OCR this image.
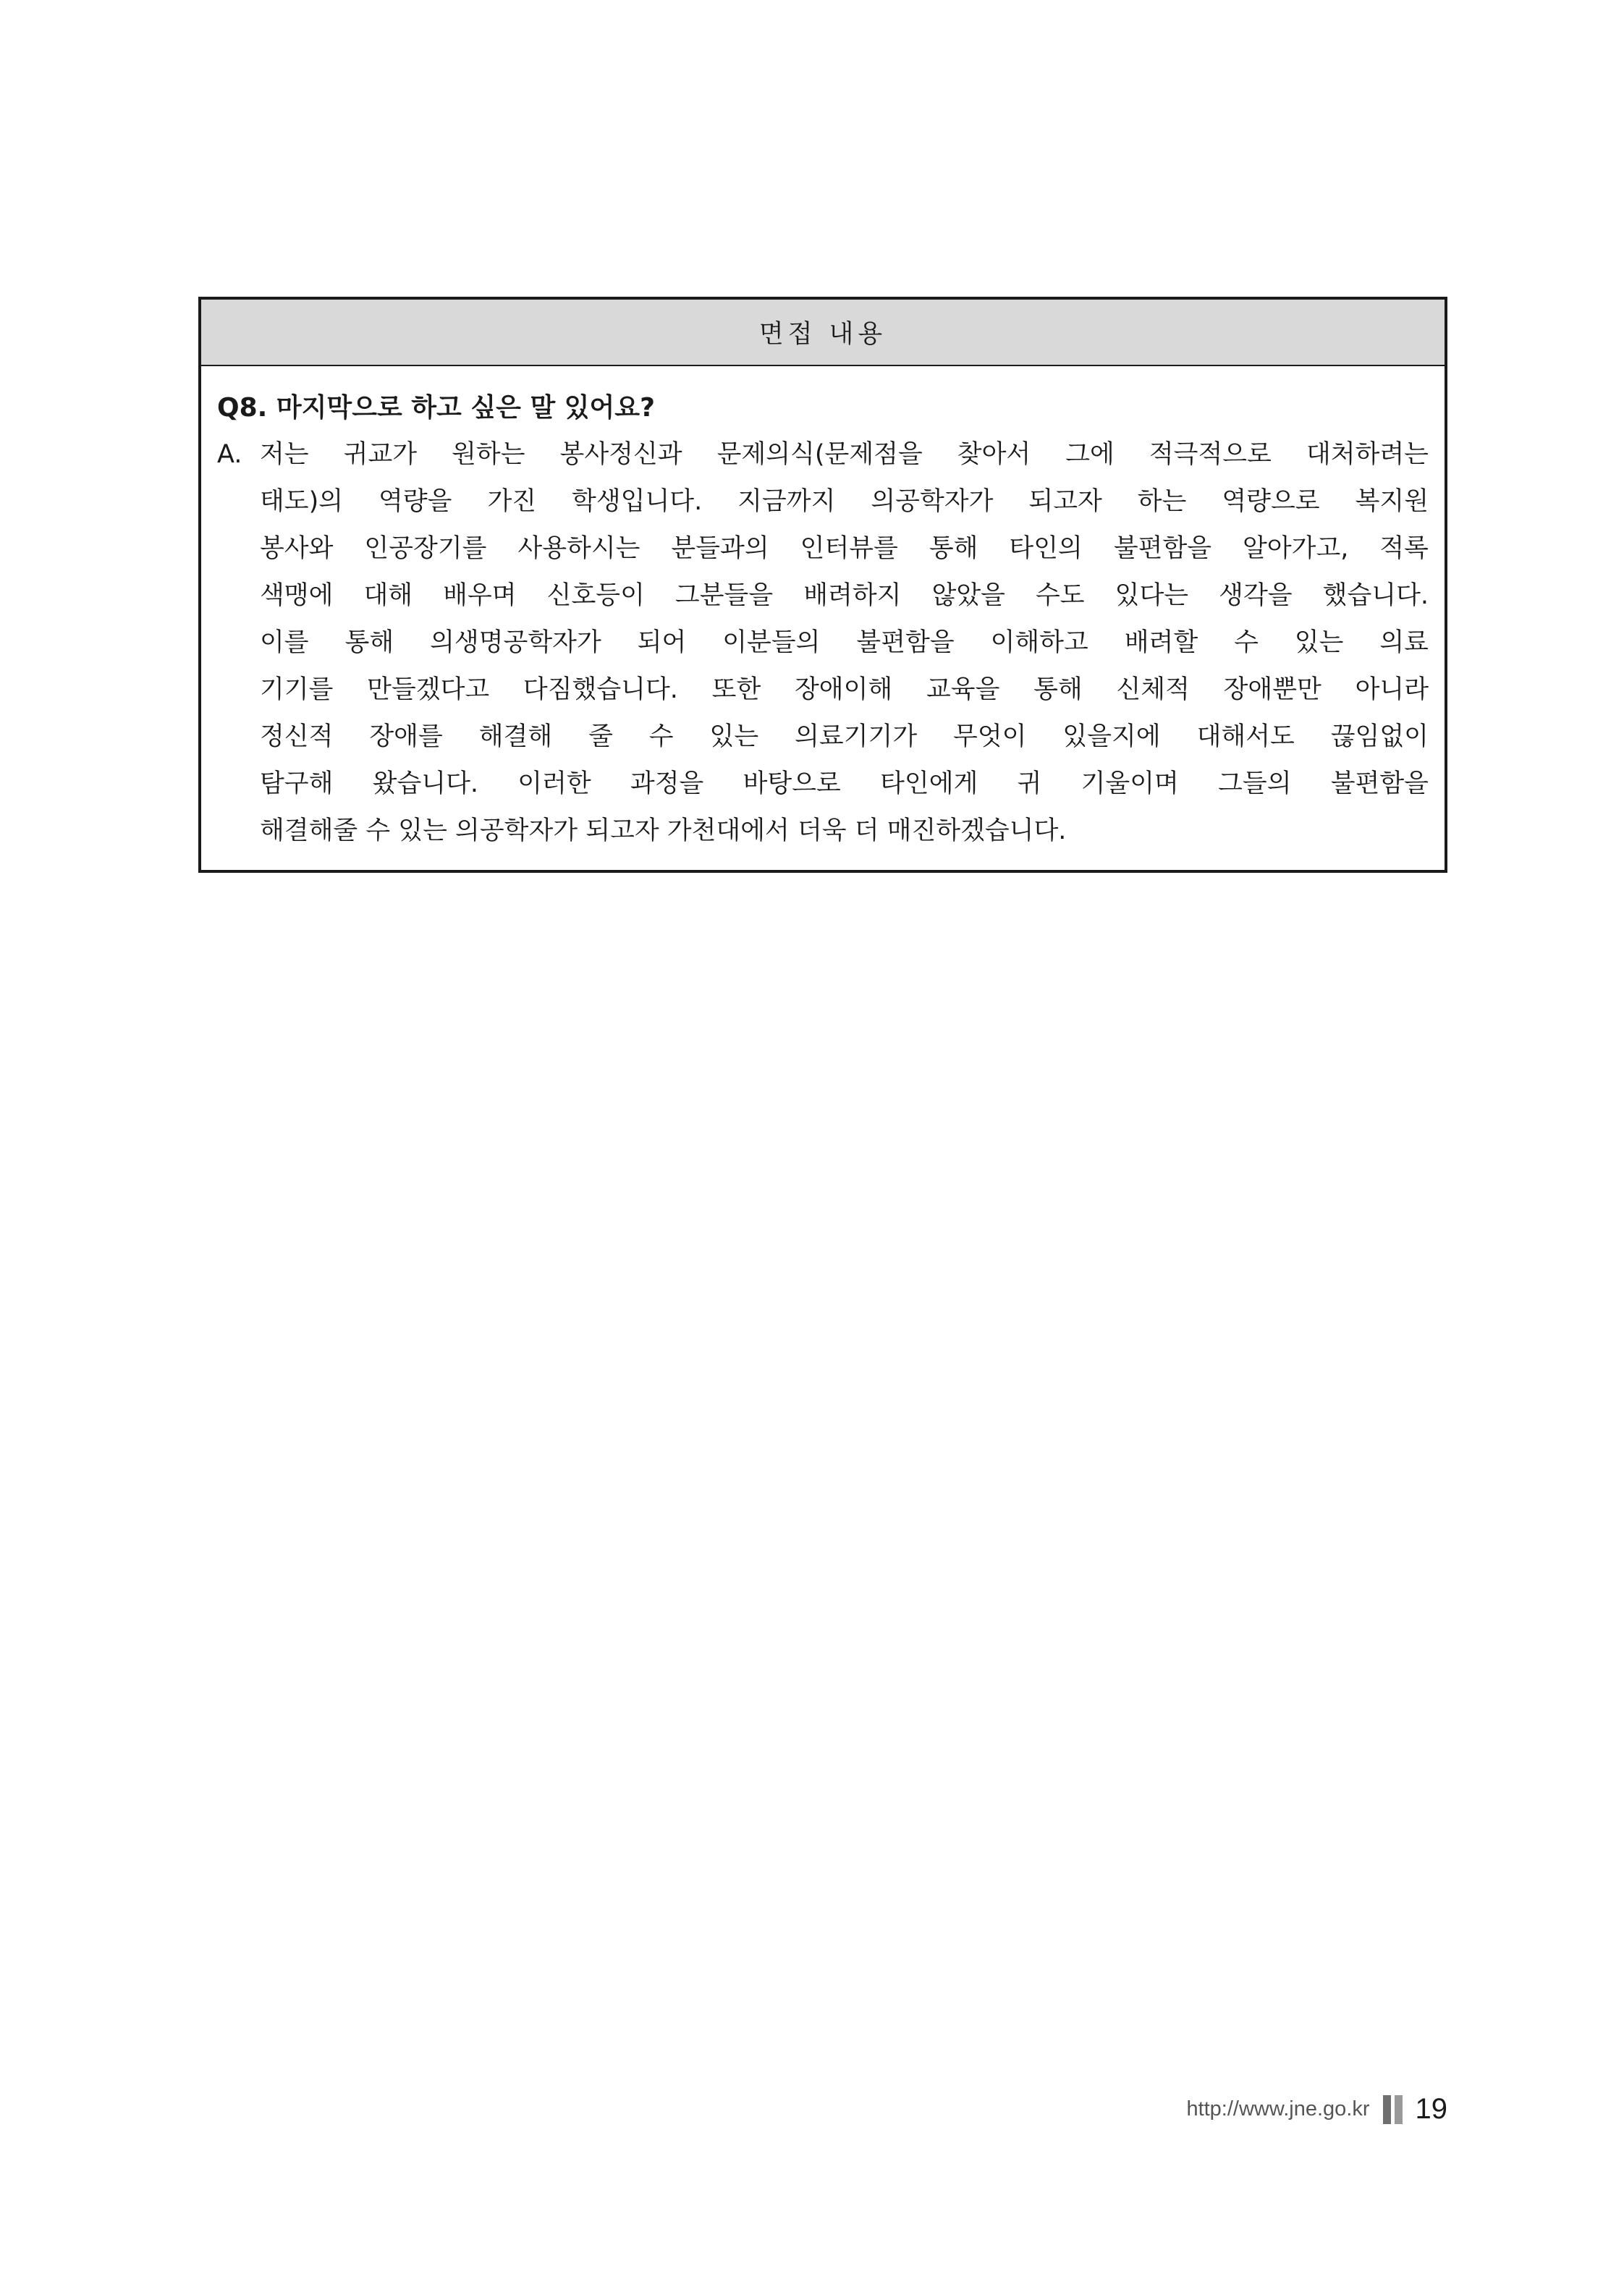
면접 내용

Q8. 마지막으로 하고 싶은 말 있어요?

A. 저는 귀교가 원하는 봉사정신과 문제의식(문제점을 찾아서 그에 적극적으로 대처하려는
태도)의 역량을 가진 학생입니다. 지금까지 의공학자가 되고자 하는 역량으로 복지원
봉사와 인공장기를 사용하시는 분들과의 인터뷰를 통해 타인의 불편함을 알아가고, 적록
색맹에 대해 배우며 신호등이 그분들을 배려하지 않았을 수도 있다는 생각을 했습니다.
이를 통해 의생명공학자가 되어 이분들의 불편함을 이해하고 배려할 수 있는 의료
기기를 만들겠다고 다짐했습니다. 또한 장애이해 교육을 통해 신체적 장애뿐만 아니라
정신적 장애를 해결해 줄 수 있는 의료기기가 무엇이 있을지에 대해서도 끊임없이
탐구해 왔습니다. 이러한 과정을 바탕으로 타인에게 귀 기울이며 그들의 불편함을
해결해줄 수 있는 의공학자가 되고자 가천대에서 더욱 더 매진하겠습니다.
http://www.jne.go.kr 19
